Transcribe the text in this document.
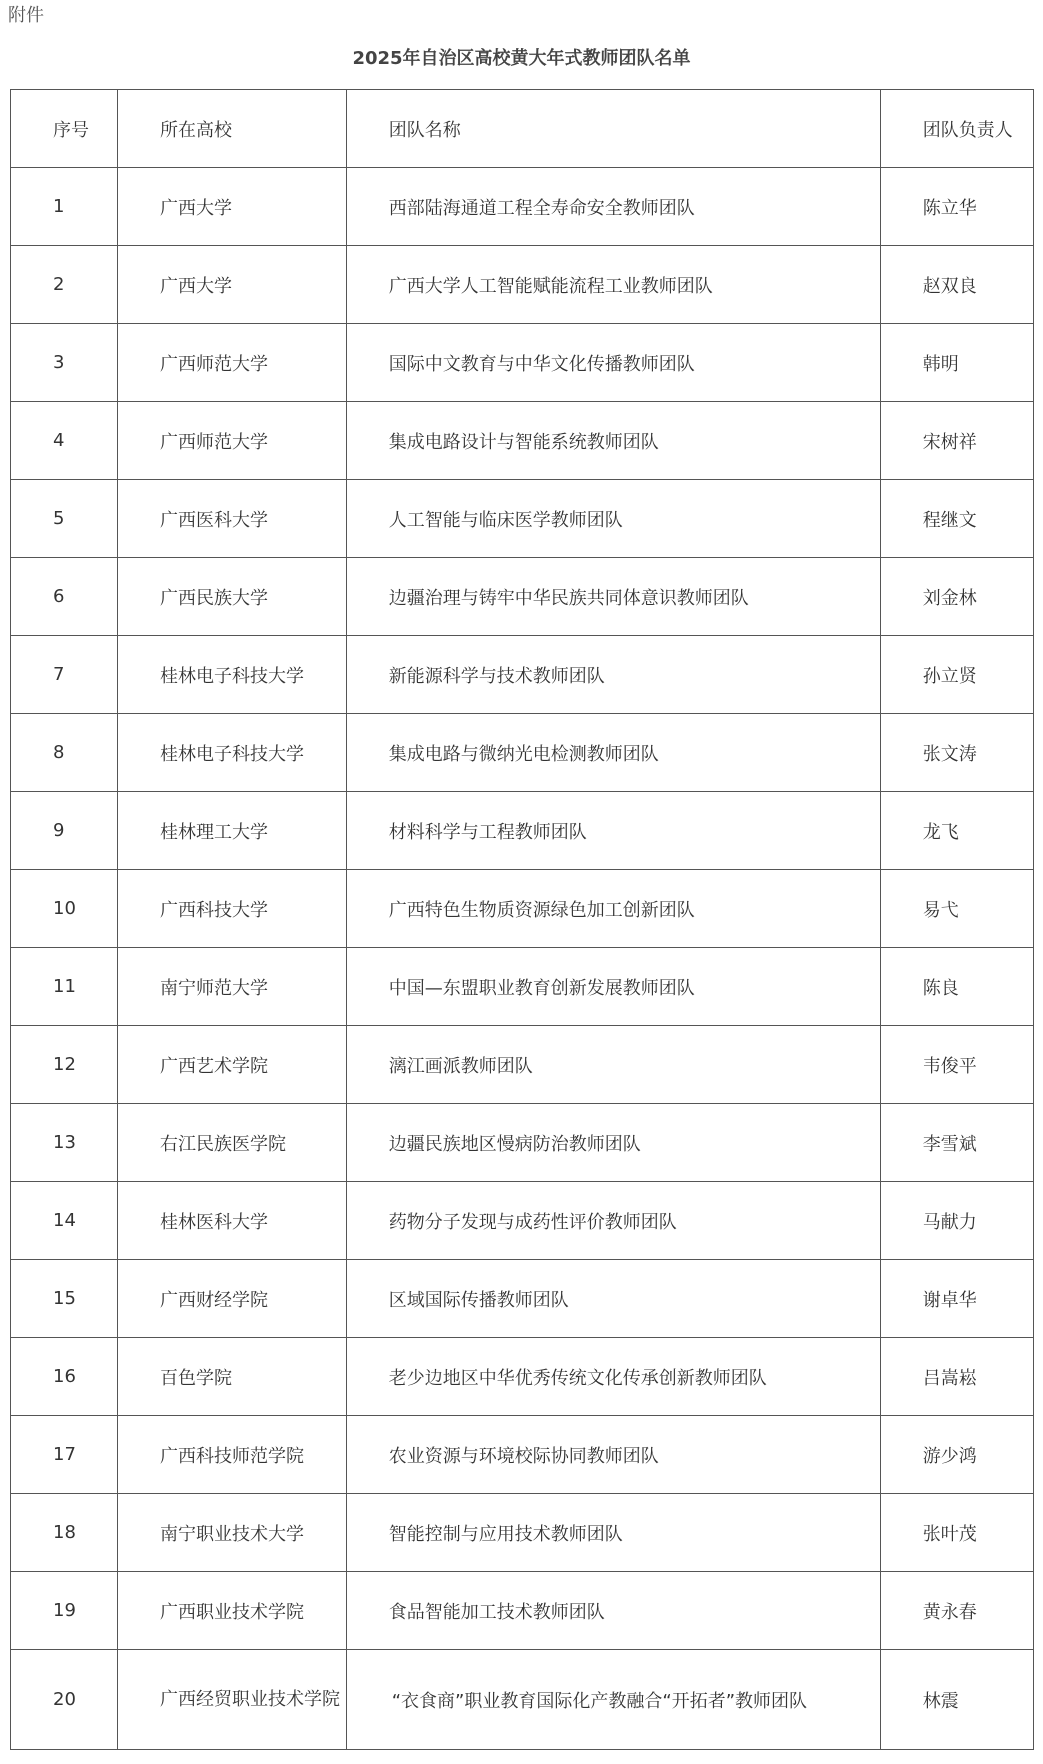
附件
2025年自治区高校黄大年式教师团队名单
序号	所在高校	团队名称	团队负责人
1	广西大学	西部陆海通道工程全寿命安全教师团队	陈立华
2	广西大学	广西大学人工智能赋能流程工业教师团队	赵双良
3	广西师范大学	国际中文教育与中华文化传播教师团队	韩明
4	广西师范大学	集成电路设计与智能系统教师团队	宋树祥
5	广西医科大学	人工智能与临床医学教师团队	程继文
6	广西民族大学	边疆治理与铸牢中华民族共同体意识教师团队	刘金林
7	桂林电子科技大学	新能源科学与技术教师团队	孙立贤
8	桂林电子科技大学	集成电路与微纳光电检测教师团队	张文涛
9	桂林理工大学	材料科学与工程教师团队	龙飞
10	广西科技大学	广西特色生物质资源绿色加工创新团队	易弋
11	南宁师范大学	中国—东盟职业教育创新发展教师团队	陈良
12	广西艺术学院	漓江画派教师团队	韦俊平
13	右江民族医学院	边疆民族地区慢病防治教师团队	李雪斌
14	桂林医科大学	药物分子发现与成药性评价教师团队	马献力
15	广西财经学院	区域国际传播教师团队	谢卓华
16	百色学院	老少边地区中华优秀传统文化传承创新教师团队	吕嵩崧
17	广西科技师范学院	农业资源与环境校际协同教师团队	游少鸿
18	南宁职业技术大学	智能控制与应用技术教师团队	张叶茂
19	广西职业技术学院	食品智能加工技术教师团队	黄永春
20	广西经贸职业技术学院	“衣食商”职业教育国际化产教融合“开拓者”教师团队	林震
